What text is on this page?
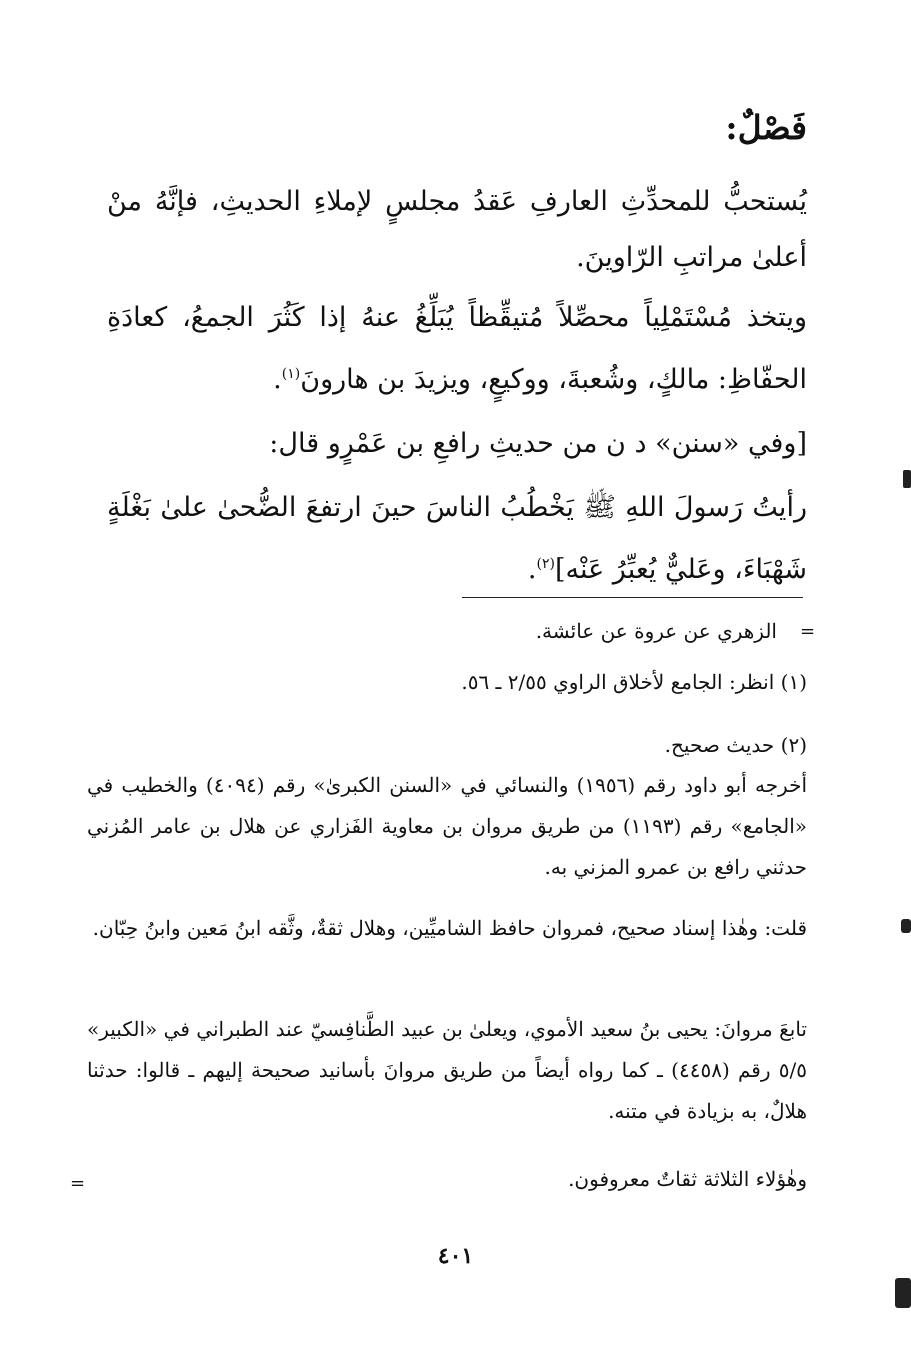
فَصْلٌ:

يُستحبُّ للمحدِّثِ العارفِ عَقدُ مجلسٍ لإملاءِ الحديثِ، فإنَّهُ منْ أعلىٰ مراتبِ الرّاوينَ.

ويتخذ مُسْتَمْلِياً محصِّلاً مُتيقِّظاً يُبَلِّغُ عنهُ إذا كَثُرَ الجمعُ، كعادَةِ الحفّاظِ: مالكٍ، وشُعبةَ، ووكيعٍ، ويزيدَ بن هارونَ$^{(١)}$.

[وفي «سنن» د ن من حديثِ رافعِ بن عَمْرٍو قال:

رأيتُ رَسولَ اللهِ ﷺ يَخْطُبُ الناسَ حينَ ارتفعَ الضُّحىٰ علىٰ بَغْلَةٍ شَهْبَاءَ، وعَليٌّ يُعبِّرُ عَنْه]$^{(٢)}$.

=

الزهري عن عروة عن عائشة.

(١) انظر: الجامع لأخلاق الراوي ٢/٥٥ ـ ٥٦.

(٢) حديث صحيح.

أخرجه أبو داود رقم (١٩٥٦) والنسائي في «السنن الكبرىٰ» رقم (٤٠٩٤) والخطيب في «الجامع» رقم (١١٩٣) من طريق مروان بن معاوية الفَزاري عن هلال بن عامر المُزني حدثني رافع بن عمرو المزني به.

قلت: وهٰذا إسناد صحيح، فمروان حافظ الشاميِّين، وهلال ثقةٌ، وثَّقه ابنُ مَعين وابنُ حِبّان.

تابعَ مروانَ: يحيى بنُ سعيد الأموي، ويعلىٰ بن عبيد الطَّنافِسيّ عند الطبراني في «الكبير» ٥/٥ رقم (٤٤٥٨) ـ كما رواه أيضاً من طريق مروانَ بأسانيد صحيحة إليهم ـ قالوا: حدثنا هلالٌ، به بزيادة في متنه.

وهٰؤلاء الثلاثة ثقاتٌ معروفون.

=
٤٠١
